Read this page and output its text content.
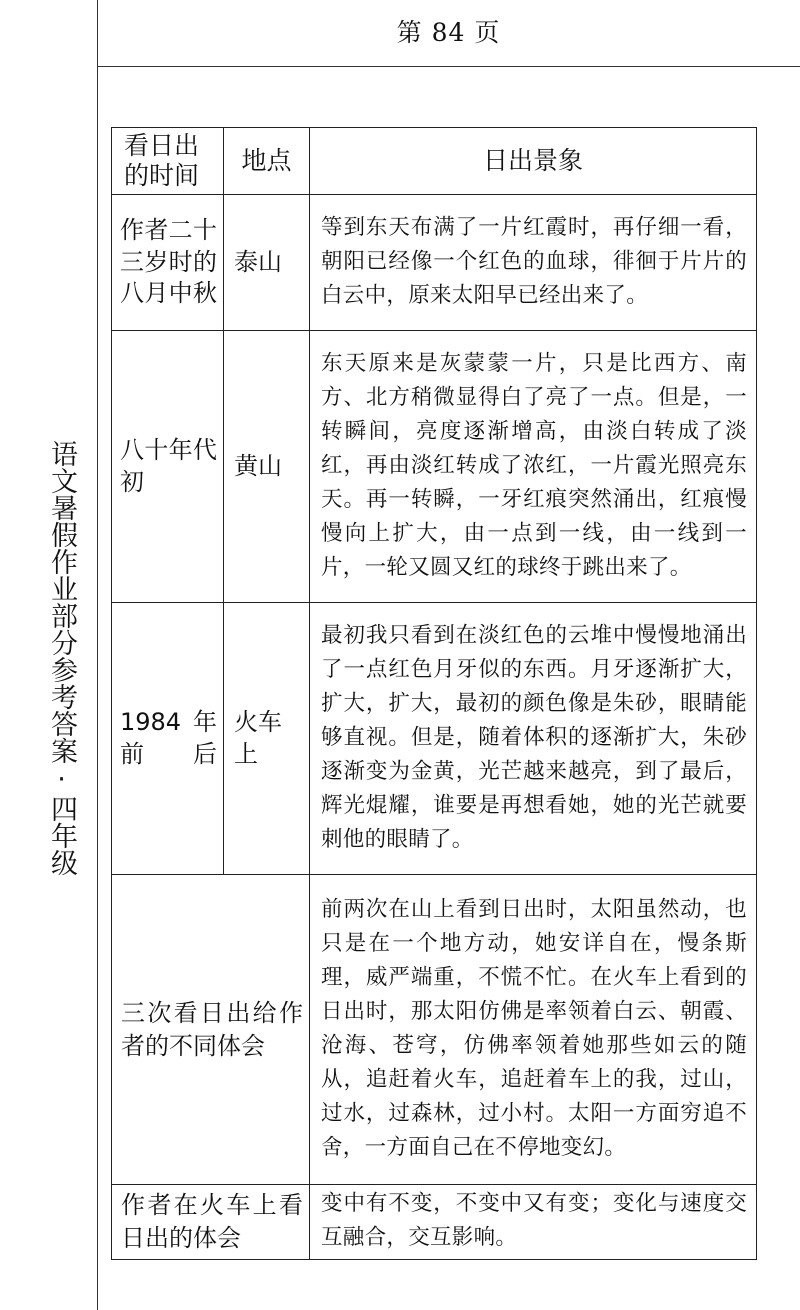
语文暑假作业部分参考答案·四年级
第 84 页
看日出的时间	地点	日出景象
作者二十三岁时的八月中秋	泰山	等到东天布满了一片红霞时，再仔细一看，朝阳已经像一个红色的血球，徘徊于片片的白云中，原来太阳早已经出来了。
八十年代初	黄山	东天原来是灰蒙蒙一片，只是比西方、南方、北方稍微显得白了亮了一点。但是，一转瞬间，亮度逐渐增高，由淡白转成了淡红，再由淡红转成了浓红，一片霞光照亮东天。再一转瞬，一牙红痕突然涌出，红痕慢慢向上扩大，由一点到一线，由一线到一片，一轮又圆又红的球终于跳出来了。
1984 年前后	火车上	最初我只看到在淡红色的云堆中慢慢地涌出了一点红色月牙似的东西。月牙逐渐扩大，扩大，扩大，最初的颜色像是朱砂，眼睛能够直视。但是，随着体积的逐渐扩大，朱砂逐渐变为金黄，光芒越来越亮，到了最后，辉光焜耀，谁要是再想看她，她的光芒就要刺他的眼睛了。
三次看日出给作者的不同体会		前两次在山上看到日出时，太阳虽然动，也只是在一个地方动，她安详自在，慢条斯理，威严端重，不慌不忙。在火车上看到的日出时，那太阳仿佛是率领着白云、朝霞、沧海、苍穹，仿佛率领着她那些如云的随从，追赶着火车，追赶着车上的我，过山，过水，过森林，过小村。太阳一方面穷追不舍，一方面自己在不停地变幻。
作者在火车上看日出的体会		变中有不变，不变中又有变；变化与速度交互融合，交互影响。
